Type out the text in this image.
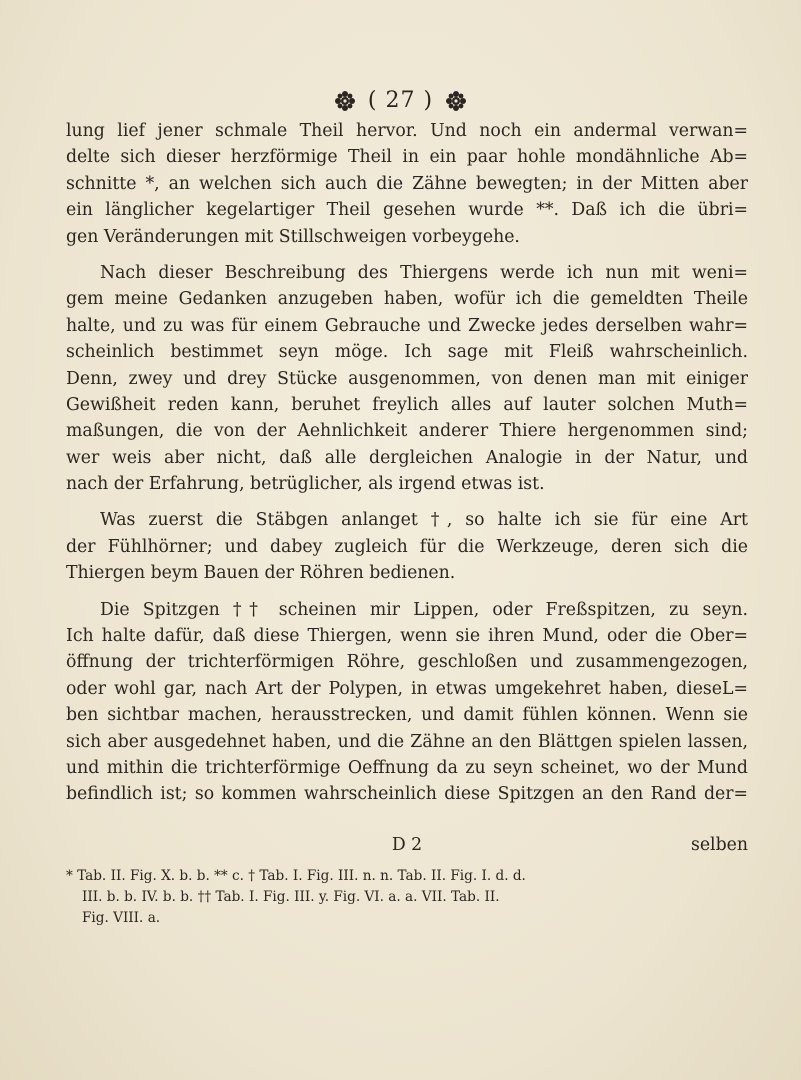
( 27 )
lung lief jener schmale Theil hervor. Und noch ein andermal verwan=
delte sich dieser herzförmige Theil in ein paar hohle mondähnliche Ab=
schnitte *, an welchen sich auch die Zähne bewegten; in der Mitten aber
ein länglicher kegelartiger Theil gesehen wurde **. Daß ich die übri=
gen Veränderungen mit Stillschweigen vorbeygehe.
Nach dieser Beschreibung des Thiergens werde ich nun mit weni=
gem meine Gedanken anzugeben haben, wofür ich die gemeldten Theile
halte, und zu was für einem Gebrauche und Zwecke jedes derselben wahr=
scheinlich bestimmet seyn möge. Ich sage mit Fleiß wahrscheinlich.
Denn, zwey und drey Stücke ausgenommen, von denen man mit einiger
Gewißheit reden kann, beruhet freylich alles auf lauter solchen Muth=
maßungen, die von der Aehnlichkeit anderer Thiere hergenommen sind;
wer weis aber nicht, daß alle dergleichen Analogie in der Natur, und
nach der Erfahrung, betrüglicher, als irgend etwas ist.
Was zuerst die Stäbgen anlanget †, so halte ich sie für eine Art
der Fühlhörner; und dabey zugleich für die Werkzeuge, deren sich die
Thiergen beym Bauen der Röhren bedienen.
Die Spitzgen †† scheinen mir Lippen, oder Freßspitzen, zu seyn.
Ich halte dafür, daß diese Thiergen, wenn sie ihren Mund, oder die Ober=
öffnung der trichterförmigen Röhre, geschloßen und zusammengezogen,
oder wohl gar, nach Art der Polypen, in etwas umgekehret haben, dieseL=
ben sichtbar machen, herausstrecken, und damit fühlen können. Wenn sie
sich aber ausgedehnet haben, und die Zähne an den Blättgen spielen lassen,
und mithin die trichterförmige Oeffnung da zu seyn scheinet, wo der Mund
befindlich ist; so kommen wahrscheinlich diese Spitzgen an den Rand der=
D 2	selben
* Tab. II. Fig. X. b. b. ** c. † Tab. I. Fig. III. n. n. Tab. II. Fig. I. d. d.
III. b. b. IV. b. b. †† Tab. I. Fig. III. y. Fig. VI. a. a. VII. Tab. II.
Fig. VIII. a.
